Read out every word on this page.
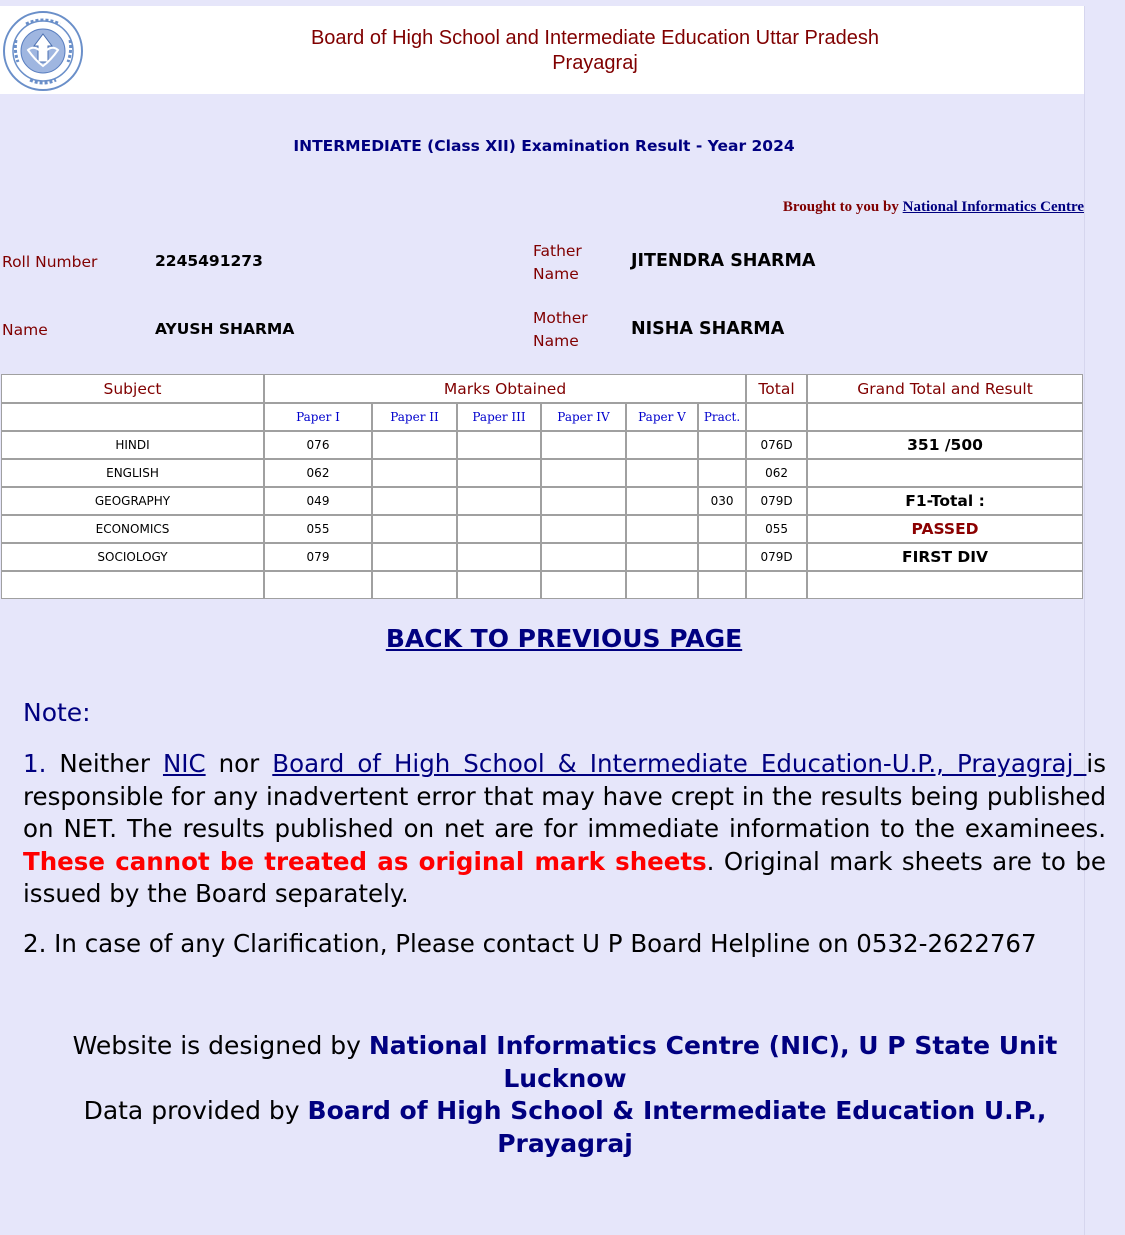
Board of High School and Intermediate Education Uttar Pradesh
Prayagraj
INTERMEDIATE (Class XII) Examination Result - Year 2024
Brought to you by National Informatics Centre
Roll Number	2245491273
Father
Name
JITENDRA SHARMA
Name	AYUSH SHARMA
Mother
Name
NISHA SHARMA
Subject	Marks Obtained						Total	Grand Total and Result
	Paper I	Paper II	Paper III	Paper IV	Paper V	Pract.		
HINDI	076						076D	351 /500
ENGLISH	062						062	
GEOGRAPHY	049					030	079D	F1-Total :
ECONOMICS	055						055	PASSED
SOCIOLOGY	079						079D	FIRST DIV

BACK TO PREVIOUS PAGE
Note:
1. Neither NIC nor Board of High School & Intermediate Education-U.P., Prayagraj is responsible for any inadvertent error that may have crept in the results being published on NET. The results published on net are for immediate information to the examinees. These cannot be treated as original mark sheets. Original mark sheets are to be issued by the Board separately.
2. In case of any Clarification, Please contact U P Board Helpline on 0532-2622767
Website is designed by National Informatics Centre (NIC), U P State Unit Lucknow
Data provided by Board of High School & Intermediate Education U.P., Prayagraj
